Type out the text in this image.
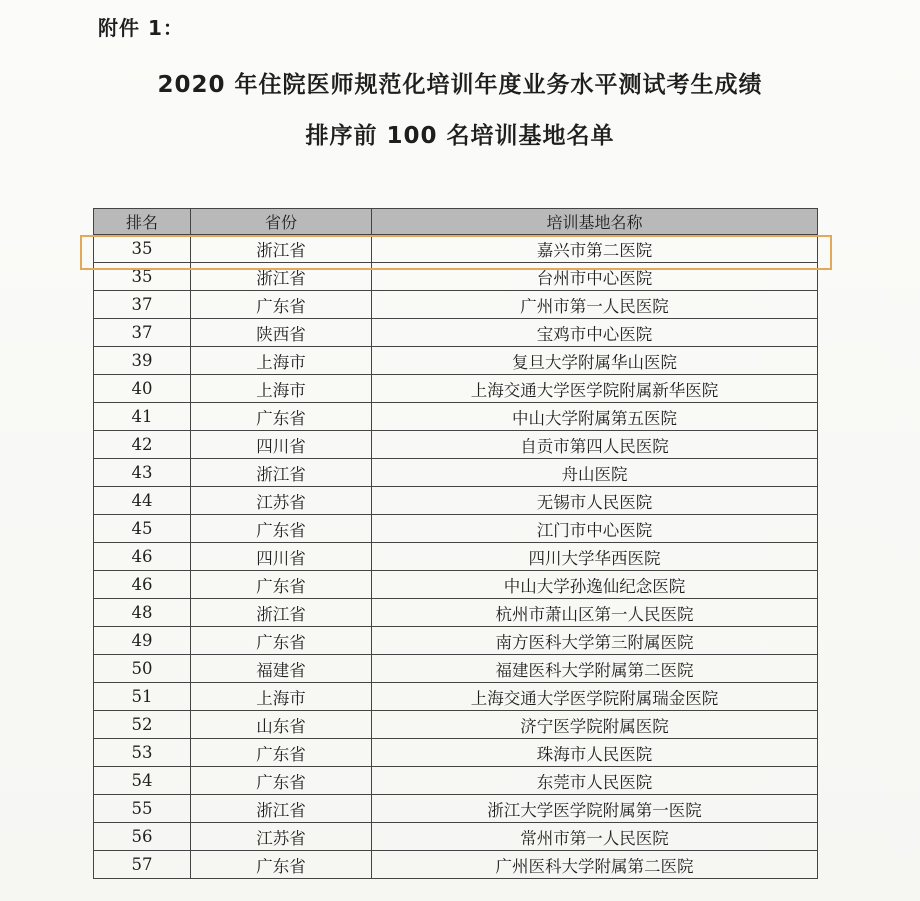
附件 1：
2020 年住院医师规范化培训年度业务水平测试考生成绩
排序前 100 名培训基地名单
排名	省份	培训基地名称
35	浙江省	嘉兴市第二医院
35	浙江省	台州市中心医院
37	广东省	广州市第一人民医院
37	陕西省	宝鸡市中心医院
39	上海市	复旦大学附属华山医院
40	上海市	上海交通大学医学院附属新华医院
41	广东省	中山大学附属第五医院
42	四川省	自贡市第四人民医院
43	浙江省	舟山医院
44	江苏省	无锡市人民医院
45	广东省	江门市中心医院
46	四川省	四川大学华西医院
46	广东省	中山大学孙逸仙纪念医院
48	浙江省	杭州市萧山区第一人民医院
49	广东省	南方医科大学第三附属医院
50	福建省	福建医科大学附属第二医院
51	上海市	上海交通大学医学院附属瑞金医院
52	山东省	济宁医学院附属医院
53	广东省	珠海市人民医院
54	广东省	东莞市人民医院
55	浙江省	浙江大学医学院附属第一医院
56	江苏省	常州市第一人民医院
57	广东省	广州医科大学附属第二医院
